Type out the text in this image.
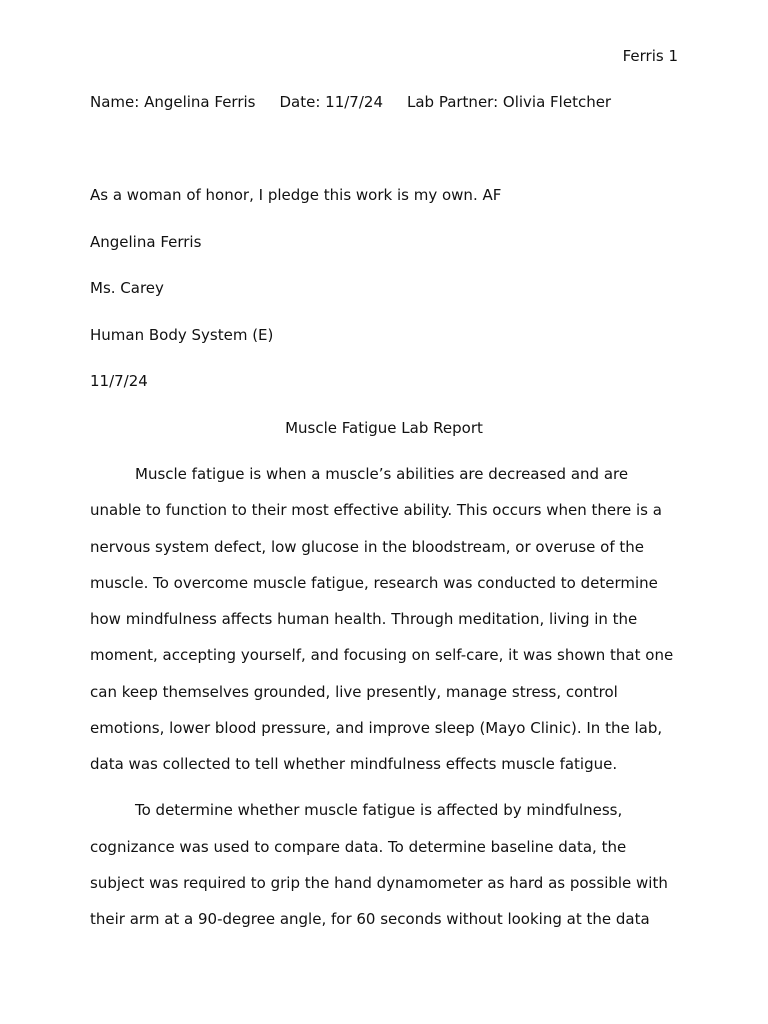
Ferris 1
Name: Angelina Ferris Date: 11/7/24 Lab Partner: Olivia Fletcher
As a woman of honor, I pledge this work is my own. AF
Angelina Ferris
Ms. Carey
Human Body System (E)
11/7/24
Muscle Fatigue Lab Report
Muscle fatigue is when a muscle’s abilities are decreased and are
unable to function to their most effective ability. This occurs when there is a
nervous system defect, low glucose in the bloodstream, or overuse of the
muscle. To overcome muscle fatigue, research was conducted to determine
how mindfulness affects human health. Through meditation, living in the
moment, accepting yourself, and focusing on self-care, it was shown that one
can keep themselves grounded, live presently, manage stress, control
emotions, lower blood pressure, and improve sleep (Mayo Clinic). In the lab,
data was collected to tell whether mindfulness effects muscle fatigue.
To determine whether muscle fatigue is affected by mindfulness,
cognizance was used to compare data. To determine baseline data, the
subject was required to grip the hand dynamometer as hard as possible with
their arm at a 90-degree angle, for 60 seconds without looking at the data
